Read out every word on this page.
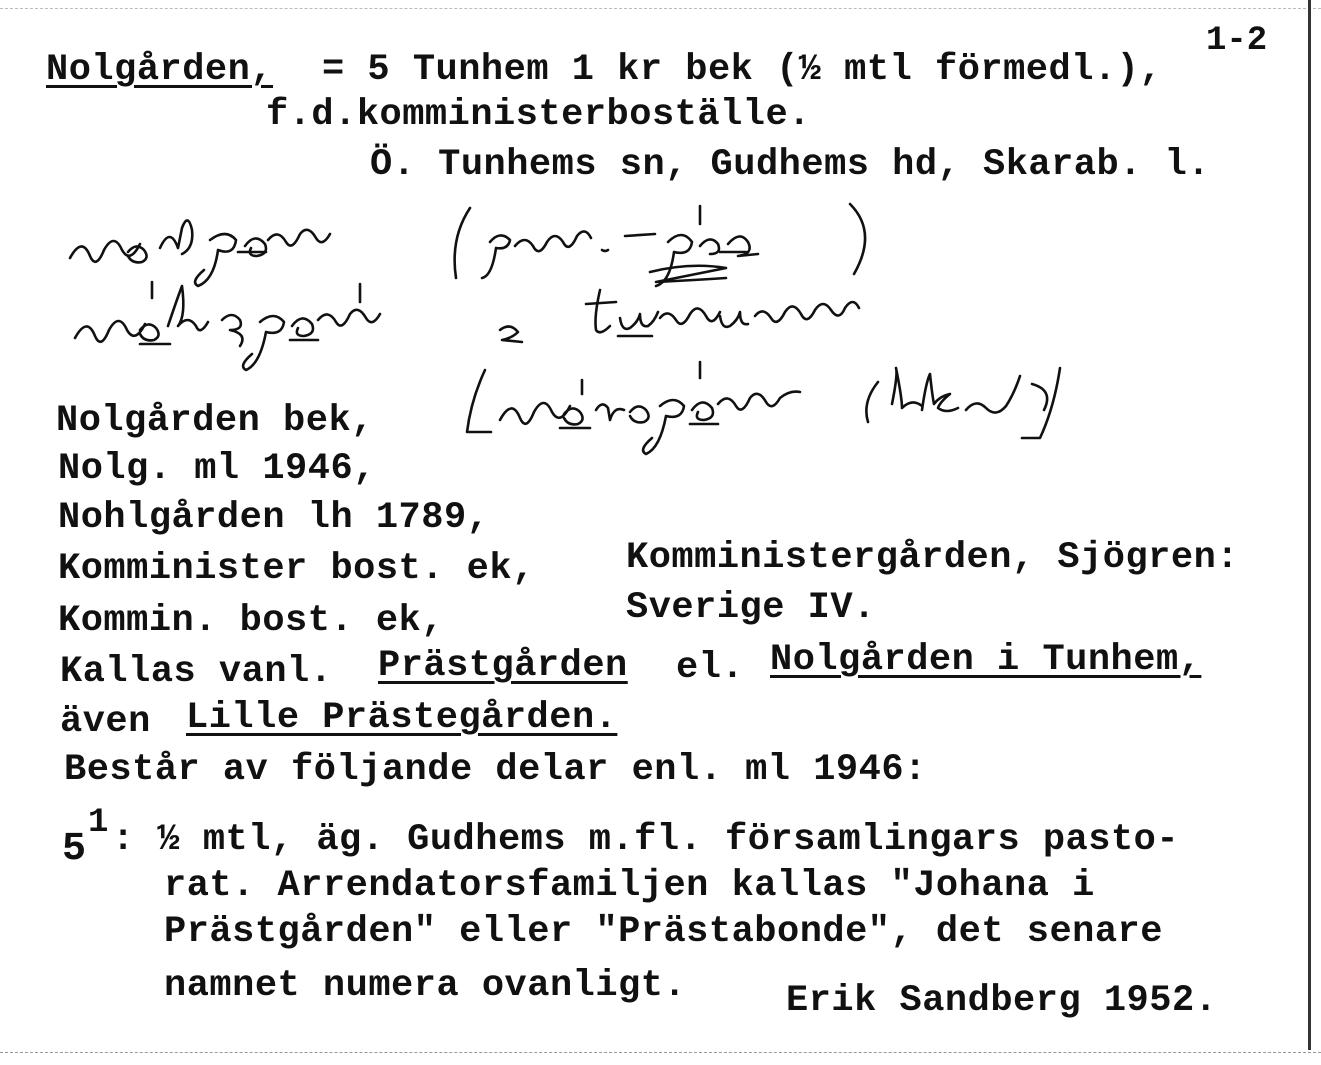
Nolgården, = 5 Tunhem 1 kr bek (½ mtl förmedl.),
1-2
f.d.komministerboställe.
Ö. Tunhems sn, Gudhems hd, Skarab. l.
Nolgården bek,
Nolg. ml 1946,
Nohlgården lh 1789,
Komminister bost. ek,
Kommin. bost. ek,
Komministergården, Sjögren:
Sverige IV.
Kallas vanl. Prästgården el. Nolgården i Tunhem,
även Lille Prästegården.
Består av följande delar enl. ml 1946:
5
1 : ½ mtl, äg. Gudhems m.fl. församlingars pasto-
rat. Arrendatorsfamiljen kallas "Johana i
Prästgården" eller "Prästabonde", det senare
namnet numera ovanligt.	Erik Sandberg 1952.
